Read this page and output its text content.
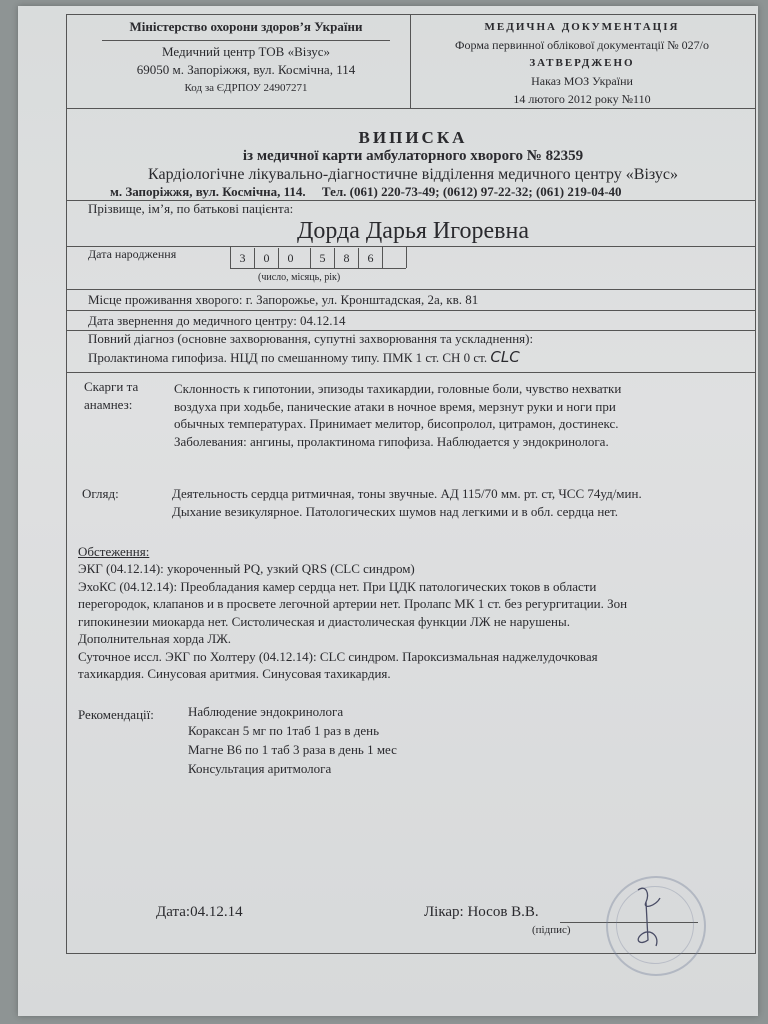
Міністерство охорони здоров’я України
Медичний центр ТОВ «Візус»
69050 м. Запоріжжя, вул. Космічна, 114
Код за ЄДРПОУ 24907271
МЕДИЧНА ДОКУМЕНТАЦІЯ
Форма первинної облікової документації № 027/о
ЗАТВЕРДЖЕНО
Наказ МОЗ України
14 лютого 2012 року №110
ВИПИСКА
із медичної карти амбулаторного хворого № 82359
Кардіологічне лікувально-діагностичне відділення медичного центру «Візус»
м. Запоріжжя, вул. Космічна, 114.     Тел. (061) 220-73-49; (0612) 97-22-32; (061) 219-04-40
Прізвище, ім’я, по батькові пацієнта:
Дорда Дарья Игоревна
Дата народження	3	0	0	5	8	6
(число, місяць, рік)
Місце проживання хворого: г. Запорожье, ул. Кронштадская, 2а, кв. 81
Дата звернення до медичного центру: 04.12.14
Повний діагноз (основне захворювання, супутні захворювання та ускладнення):
Пролактинома гипофиза. НЦД по смешанному типу. ПМК 1 ст. СН 0 ст. CLC
Скарги та
анамнез:
Склонность к гипотонии, эпизоды тахикардии, головные боли, чувство нехватки
воздуха при ходьбе, панические атаки в ночное время, мерзнут руки и ноги при
обычных температурах. Принимает мелитор, бисопролол, цитрамон, достинекс.
Заболевания: ангины, пролактинома гипофиза. Наблюдается у эндокринолога.
Огляд:	Деятельность сердца ритмичная, тоны звучные. АД 115/70 мм. рт. ст, ЧСС 74уд/мин.
Дыхание везикулярное. Патологических шумов над легкими и в обл. сердца нет.
Обстеження:
ЭКГ (04.12.14): укороченный PQ, узкий QRS (CLC синдром)
ЭхоКС (04.12.14): Преобладания камер сердца нет. При ЦДК патологических токов в области
перегородок, клапанов и в просвете легочной артерии нет. Пролапс МК 1 ст. без регургитации. Зон
гипокинезии миокарда нет. Систолическая и диастолическая функции ЛЖ не нарушены.
Дополнительная хорда ЛЖ.
Суточное иссл. ЭКГ по Холтеру (04.12.14): CLC синдром. Пароксизмальная наджелудочковая
тахикардия. Синусовая аритмия. Синусовая тахикардия.
Рекомендації:	Наблюдение эндокринолога
Кораксан 5 мг по 1таб 1 раз в день
Магне В6 по 1 таб 3 раза в день 1 мес
Консультация аритмолога
Дата:04.12.14	Лікар: Носов В.В.
(підпис)
